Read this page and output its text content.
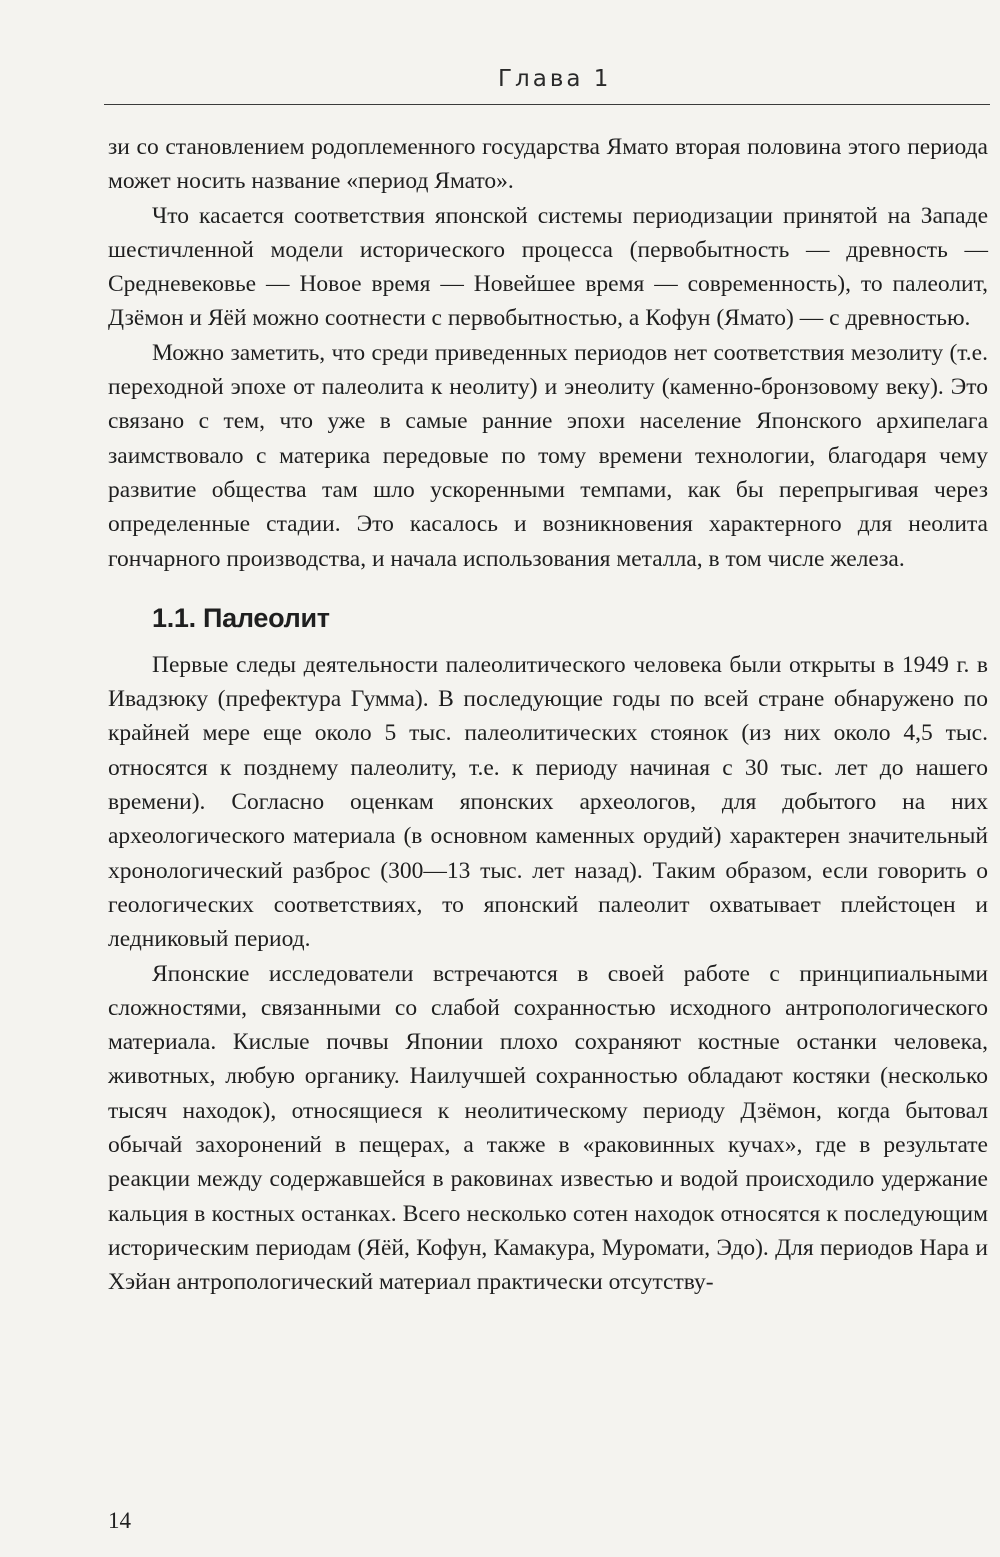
Глава 1

зи со становлением родоплеменного государства Ямато вторая половина этого периода может носить название «период Ямато».

Что касается соответствия японской системы периодизации принятой на Западе шестичленной модели исторического процесса (первобытность — древность — Средневековье — Новое время — Новейшее время — современность), то палеолит, Дзёмон и Яёй можно соотнести с первобытностью, а Кофун (Ямато) — с древностью.

Можно заметить, что среди приведенных периодов нет соответствия мезолиту (т.е. переходной эпохе от палеолита к неолиту) и энеолиту (каменно-бронзовому веку). Это связано с тем, что уже в самые ранние эпохи население Японского архипелага заимствовало с материка передовые по тому времени технологии, благодаря чему развитие общества там шло ускоренными темпами, как бы перепрыгивая через определенные стадии. Это касалось и возникновения характерного для неолита гончарного производства, и начала использования металла, в том числе железа.

1.1. Палеолит

Первые следы деятельности палеолитического человека были открыты в 1949 г. в Ивадзюку (префектура Гумма). В последующие годы по всей стране обнаружено по крайней мере еще около 5 тыс. палеолитических стоянок (из них около 4,5 тыс. относятся к позднему палеолиту, т.е. к периоду начиная с 30 тыс. лет до нашего времени). Согласно оценкам японских археологов, для добытого на них археологического материала (в основном каменных орудий) характерен значительный хронологический разброс (300—13 тыс. лет назад). Таким образом, если говорить о геологических соответствиях, то японский палеолит охватывает плейстоцен и ледниковый период.

Японские исследователи встречаются в своей работе с принципиальными сложностями, связанными со слабой сохранностью исходного антропологического материала. Кислые почвы Японии плохо сохраняют костные останки человека, животных, любую органику. Наилучшей сохранностью обладают костяки (несколько тысяч находок), относящиеся к неолитическому периоду Дзёмон, когда бытовал обычай захоронений в пещерах, а также в «раковинных кучах», где в результате реакции между содержавшейся в раковинах известью и водой происходило удержание кальция в костных останках. Всего несколько сотен находок относятся к последующим историческим периодам (Яёй, Кофун, Камакура, Муромати, Эдо). Для периодов Нара и Хэйан антропологический материал практически отсутству-

14
